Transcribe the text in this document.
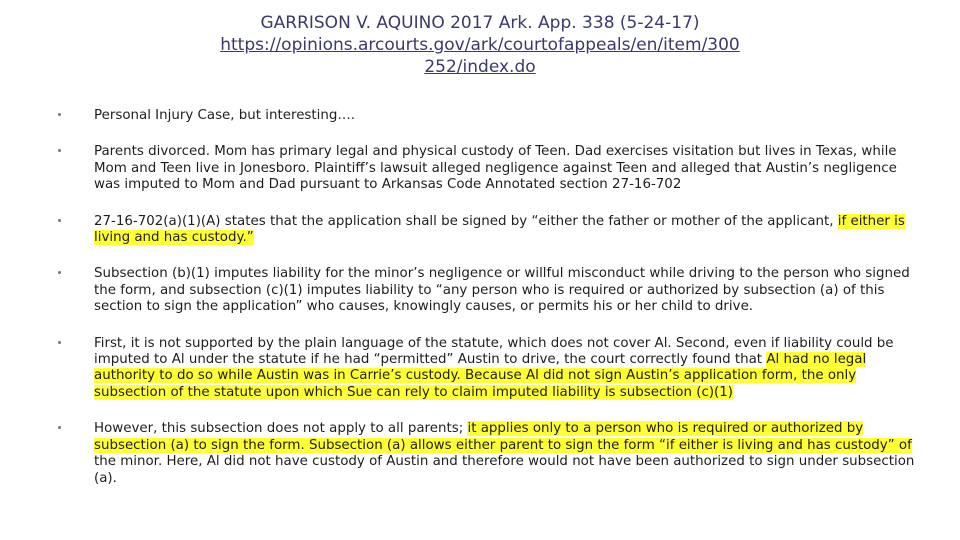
GARRISON V. AQUINO 2017 Ark. App. 338 (5-24-17)
https://opinions.arcourts.gov/ark/courtofappeals/en/item/300
252/index.do
Personal Injury Case, but interesting….
Parents divorced. Mom has primary legal and physical custody of Teen. Dad exercises visitation but lives in Texas, while Mom and Teen live in Jonesboro. Plaintiff’s lawsuit alleged negligence against Teen and alleged that Austin’s negligence was imputed to Mom and Dad pursuant to Arkansas Code Annotated section 27-16-702
27-16-702(a)(1)(A) states that the application shall be signed by “either the father or mother of the applicant, if either is living and has custody.”
Subsection (b)(1) imputes liability for the minor’s negligence or willful misconduct while driving to the person who signed the form, and subsection (c)(1) imputes liability to “any person who is required or authorized by subsection (a) of this section to sign the application” who causes, knowingly causes, or permits his or her child to drive.
First, it is not supported by the plain language of the statute, which does not cover Al. Second, even if liability could be imputed to Al under the statute if he had “permitted” Austin to drive, the court correctly found that Al had no legal authority to do so while Austin was in Carrie’s custody. Because Al did not sign Austin’s application form, the only subsection of the statute upon which Sue can rely to claim imputed liability is subsection (c)(1)
However, this subsection does not apply to all parents; it applies only to a person who is required or authorized by subsection (a) to sign the form. Subsection (a) allows either parent to sign the form “if either is living and has custody” of the minor. Here, Al did not have custody of Austin and therefore would not have been authorized to sign under subsection (a).
